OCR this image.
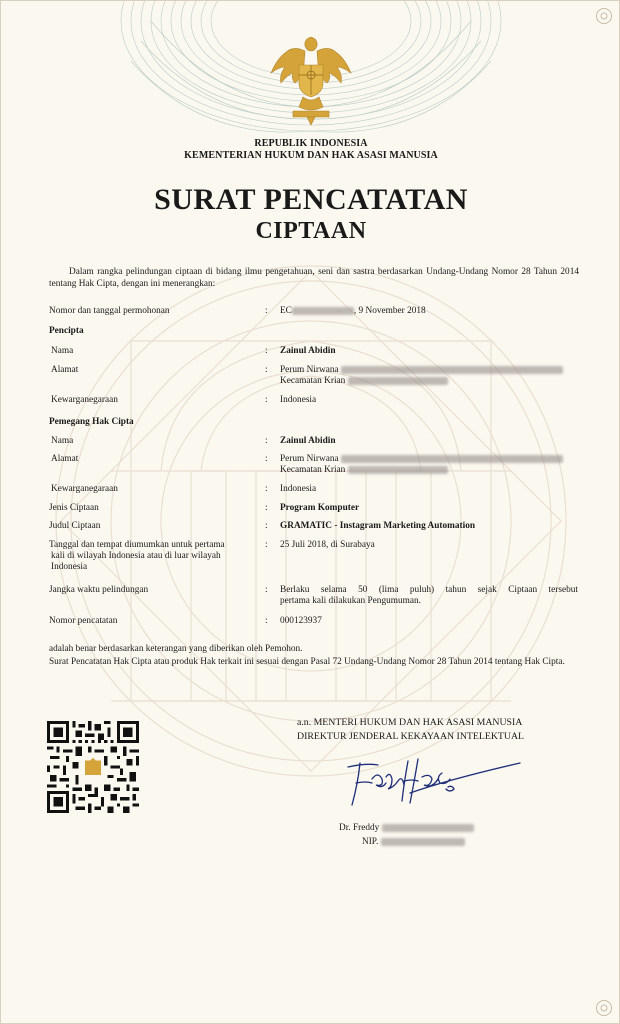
REPUBLIK INDONESIA
KEMENTERIAN HUKUM DAN HAK ASASI MANUSIA
SURAT PENCATATAN
CIPTAAN
Dalam rangka pelindungan ciptaan di bidang ilmu pengetahuan, seni dan sastra berdasarkan Undang-Undang Nomor 28 Tahun 2014 tentang Hak Cipta, dengan ini menerangkan:
Nomor dan tanggal permohonan	:	EC	, 9 November 2018
Pencipta
Nama	:	Zainul Abidin
Alamat	:	Perum Nirwana
Kecamatan Krian
Kewarganegaraan	:	Indonesia
Pemegang Hak Cipta
Nama	:	Zainul Abidin
Alamat	:	Perum Nirwana
Kecamatan Krian
Kewarganegaraan	:	Indonesia
Jenis Ciptaan	:	Program Komputer
Judul Ciptaan	:	GRAMATIC - Instagram Marketing Automation
Tanggal dan tempat diumumkan untuk pertama
kali di wilayah Indonesia atau di luar wilayah
Indonesia
:	25 Juli 2018, di Surabaya
Jangka waktu pelindungan	:	Berlaku selama 50 (lima puluh) tahun sejak Ciptaan tersebut
pertama kali dilakukan Pengumuman.
Nomor pencatatan	:	000123937
adalah benar berdasarkan keterangan yang diberikan oleh Pemohon.
Surat Pencatatan Hak Cipta atau produk Hak terkait ini sesuai dengan Pasal 72 Undang-Undang Nomor 28 Tahun 2014 tentang Hak Cipta.
a.n. MENTERI HUKUM DAN HAK ASASI MANUSIA
DIREKTUR JENDERAL KEKAYAAN INTELEKTUAL
Dr. Freddy
NIP.
